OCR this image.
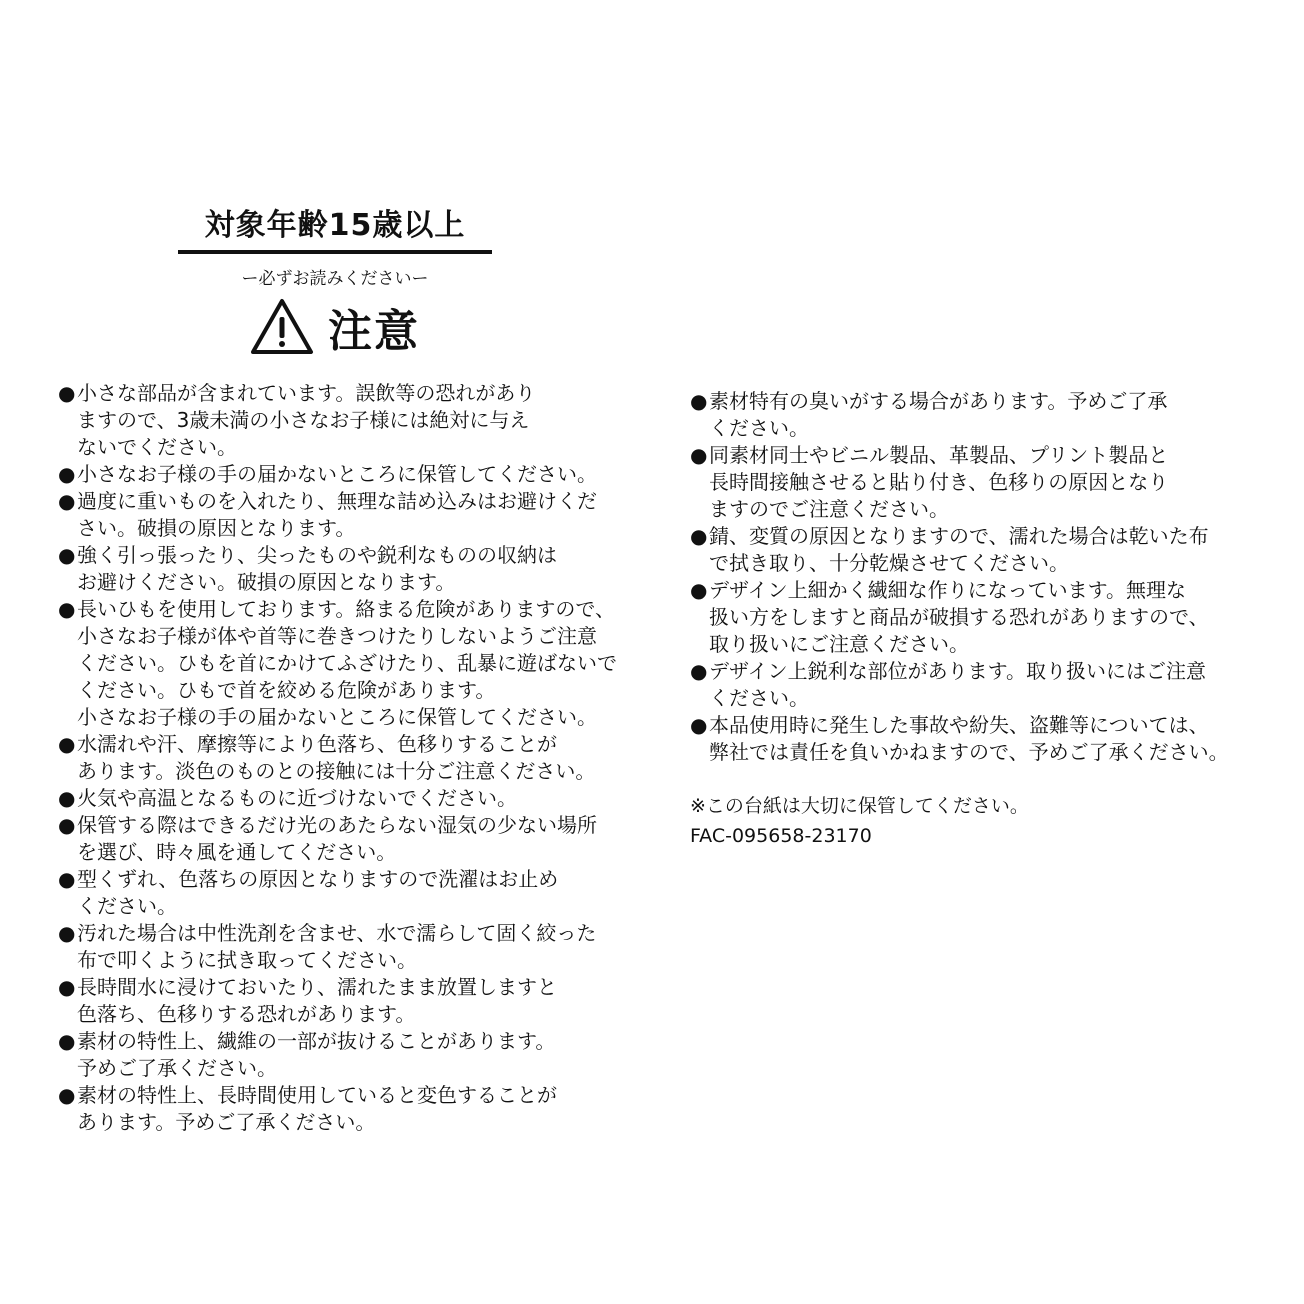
対象年齢15歳以上
ー必ずお読みくださいー
注意
● 小さな部品が含まれています。誤飲等の恐れがあり
ますので、3歳未満の小さなお子様には絶対に与え
ないでください。
● 小さなお子様の手の届かないところに保管してください。
● 過度に重いものを入れたり、無理な詰め込みはお避けくだ
さい。破損の原因となります。
● 強く引っ張ったり、尖ったものや鋭利なものの収納は
お避けください。破損の原因となります。
● 長いひもを使用しております。絡まる危険がありますので、
小さなお子様が体や首等に巻きつけたりしないようご注意
ください。ひもを首にかけてふざけたり、乱暴に遊ばないで
ください。ひもで首を絞める危険があります。
小さなお子様の手の届かないところに保管してください。
● 水濡れや汗、摩擦等により色落ち、色移りすることが
あります。淡色のものとの接触には十分ご注意ください。
● 火気や高温となるものに近づけないでください。
● 保管する際はできるだけ光のあたらない湿気の少ない場所
を選び、時々風を通してください。
● 型くずれ、色落ちの原因となりますので洗濯はお止め
ください。
● 汚れた場合は中性洗剤を含ませ、水で濡らして固く絞った
布で叩くように拭き取ってください。
● 長時間水に浸けておいたり、濡れたまま放置しますと
色落ち、色移りする恐れがあります。
● 素材の特性上、繊維の一部が抜けることがあります。
予めご了承ください。
● 素材の特性上、長時間使用していると変色することが
あります。予めご了承ください。
● 素材特有の臭いがする場合があります。予めご了承
ください。
● 同素材同士やビニル製品、革製品、プリント製品と
長時間接触させると貼り付き、色移りの原因となり
ますのでご注意ください。
● 錆、変質の原因となりますので、濡れた場合は乾いた布
で拭き取り、十分乾燥させてください。
● デザイン上細かく繊細な作りになっています。無理な
扱い方をしますと商品が破損する恐れがありますので、
取り扱いにご注意ください。
● デザイン上鋭利な部位があります。取り扱いにはご注意
ください。
● 本品使用時に発生した事故や紛失、盗難等については、
弊社では責任を負いかねますので、予めご了承ください。
※この台紙は大切に保管してください。
FAC-095658-23170
